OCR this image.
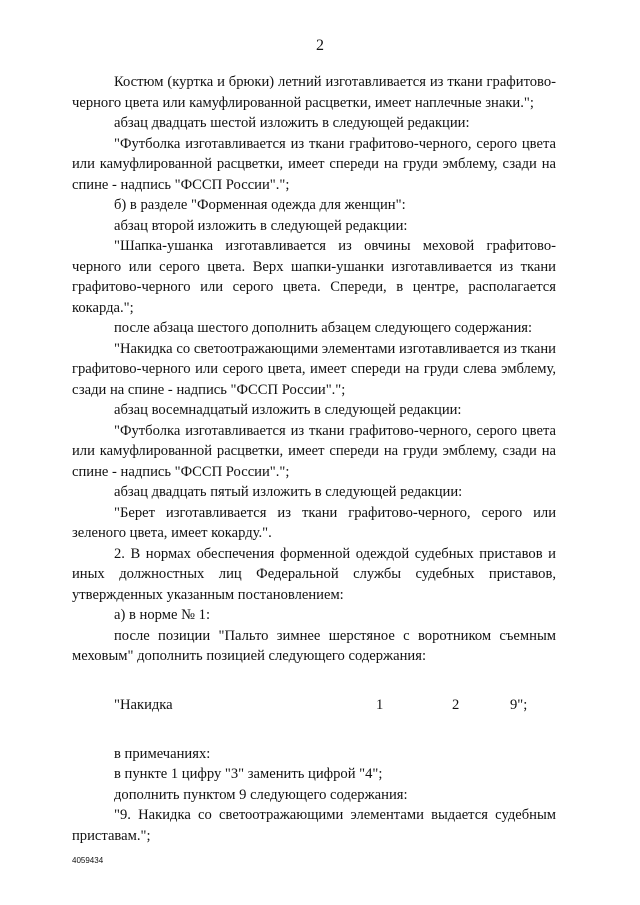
2

Костюм (куртка и брюки) летний изготавливается из ткани графитово-черного цвета или камуфлированной расцветки, имеет наплечные знаки.";

абзац двадцать шестой изложить в следующей редакции:

"Футболка изготавливается из ткани графитово-черного, серого цвета или камуфлированной расцветки, имеет спереди на груди эмблему, сзади на спине - надпись "ФССП России".";

б) в разделе "Форменная одежда для женщин":

абзац второй изложить в следующей редакции:

"Шапка-ушанка изготавливается из овчины меховой графитово-черного или серого цвета. Верх шапки-ушанки изготавливается из ткани графитово-черного или серого цвета. Спереди, в центре, располагается кокарда.";

после абзаца шестого дополнить абзацем следующего содержания:

"Накидка со светоотражающими элементами изготавливается из ткани графитово-черного или серого цвета, имеет спереди на груди слева эмблему, сзади на спине - надпись "ФССП России".";

абзац восемнадцатый изложить в следующей редакции:

"Футболка изготавливается из ткани графитово-черного, серого цвета или камуфлированной расцветки, имеет спереди на груди эмблему, сзади на спине - надпись "ФССП России".";

абзац двадцать пятый изложить в следующей редакции:

"Берет изготавливается из ткани графитово-черного, серого или зеленого цвета, имеет кокарду.".

2. В нормах обеспечения форменной одеждой судебных приставов и иных должностных лиц Федеральной службы судебных приставов, утвержденных указанным постановлением:

а) в норме № 1:

после позиции "Пальто зимнее шерстяное с воротником съемным меховым" дополнить позицией следующего содержания:

"Накидка	1	2	9";

в примечаниях:

в пункте 1 цифру "3" заменить цифрой "4";

дополнить пунктом 9 следующего содержания:

"9. Накидка со светоотражающими элементами выдается судебным приставам.";

4059434
